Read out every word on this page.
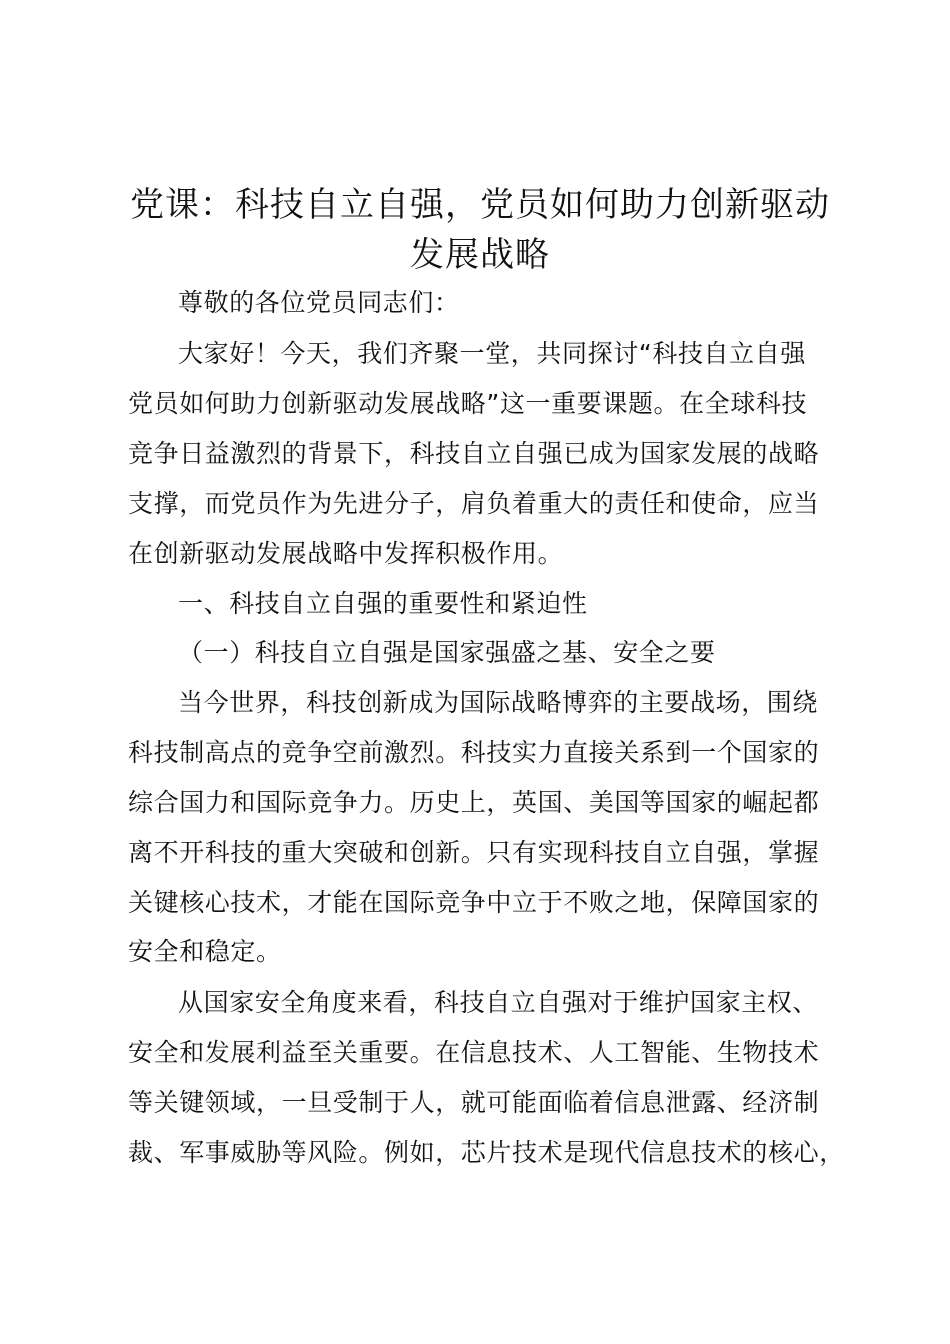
党课：科技自立自强，党员如何助力创新驱动
发展战略
尊敬的各位党员同志们：
大家好！今天，我们齐聚一堂，共同探讨“科技自立自强
党员如何助力创新驱动发展战略”这一重要课题。在全球科技
竞争日益激烈的背景下，科技自立自强已成为国家发展的战略
支撑，而党员作为先进分子，肩负着重大的责任和使命，应当
在创新驱动发展战略中发挥积极作用。
一、科技自立自强的重要性和紧迫性
（一）科技自立自强是国家强盛之基、安全之要
当今世界，科技创新成为国际战略博弈的主要战场，围绕
科技制高点的竞争空前激烈。科技实力直接关系到一个国家的
综合国力和国际竞争力。历史上，英国、美国等国家的崛起都
离不开科技的重大突破和创新。只有实现科技自立自强，掌握
关键核心技术，才能在国际竞争中立于不败之地，保障国家的
安全和稳定。
从国家安全角度来看，科技自立自强对于维护国家主权、
安全和发展利益至关重要。在信息技术、人工智能、生物技术
等关键领域，一旦受制于人，就可能面临着信息泄露、经济制
裁、军事威胁等风险。例如，芯片技术是现代信息技术的核心，
